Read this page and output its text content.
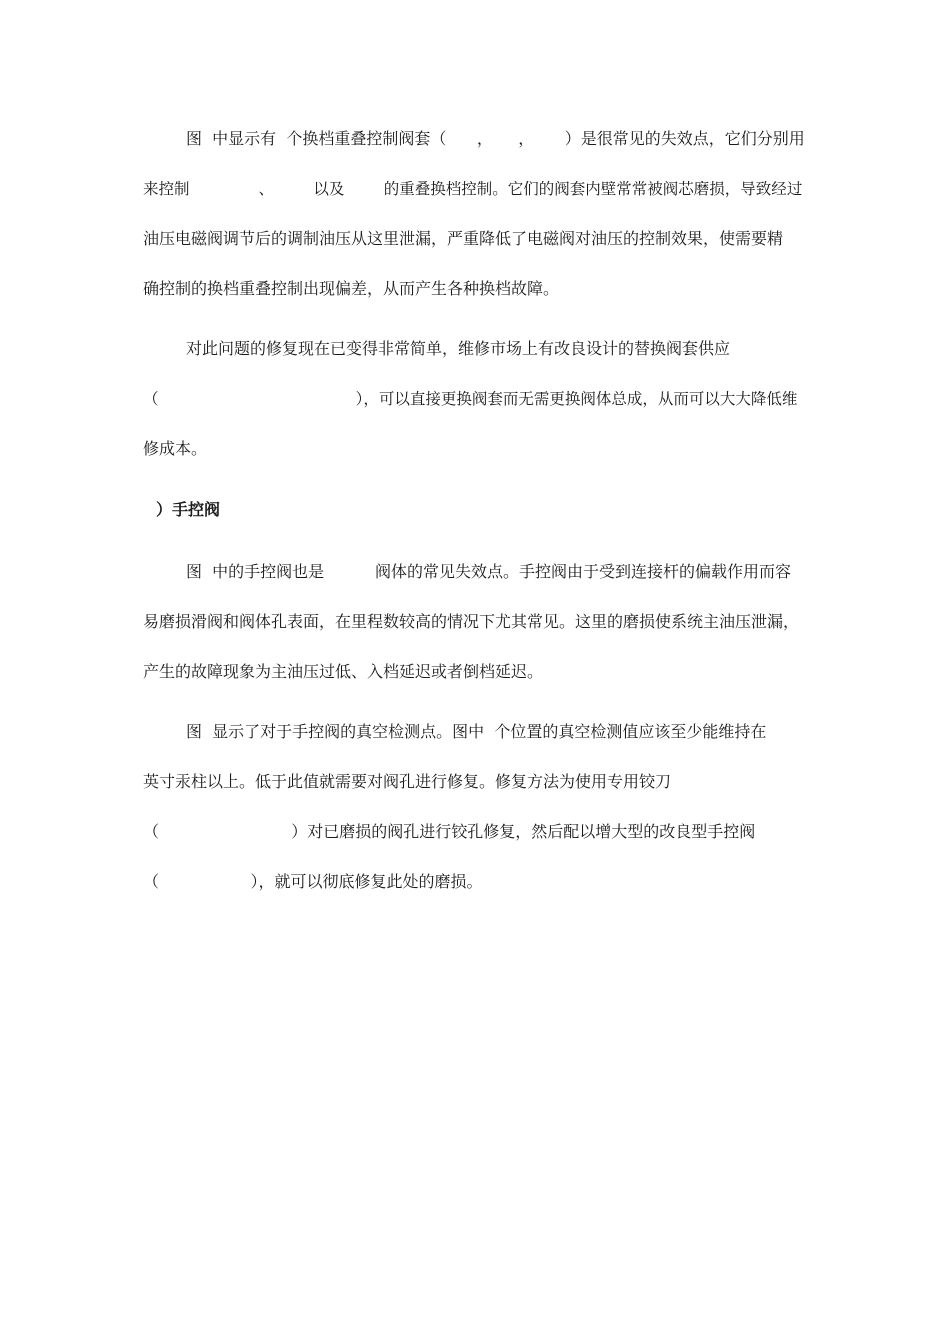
图  中显示有  个换档重叠控制阀套（      ，     ，      ）是很常见的失效点，它们分别用
来控制              、        以及        的重叠换档控制。它们的阀套内壁常常被阀芯磨损，导致经过
油压电磁阀调节后的调制油压从这里泄漏，严重降低了电磁阀对油压的控制效果，使需要精
确控制的换档重叠控制出现偏差，从而产生各种换档故障。
对此问题的修复现在已变得非常简单，维修市场上有改良设计的替换阀套供应
（                                        ），可以直接更换阀套而无需更换阀体总成，从而可以大大降低维
修成本。
）手控阀
图  中的手控阀也是          阀体的常见失效点。手控阀由于受到连接杆的偏载作用而容
易磨损滑阀和阀体孔表面，在里程数较高的情况下尤其常见。这里的磨损使系统主油压泄漏，
产生的故障现象为主油压过低、入档延迟或者倒档延迟。
图  显示了对于手控阀的真空检测点。图中  个位置的真空检测值应该至少能维持在
英寸汞柱以上。低于此值就需要对阀孔进行修复。修复方法为使用专用铰刀
（                          ）对已磨损的阀孔进行铰孔修复，然后配以增大型的改良型手控阀
（                  ），就可以彻底修复此处的磨损。
